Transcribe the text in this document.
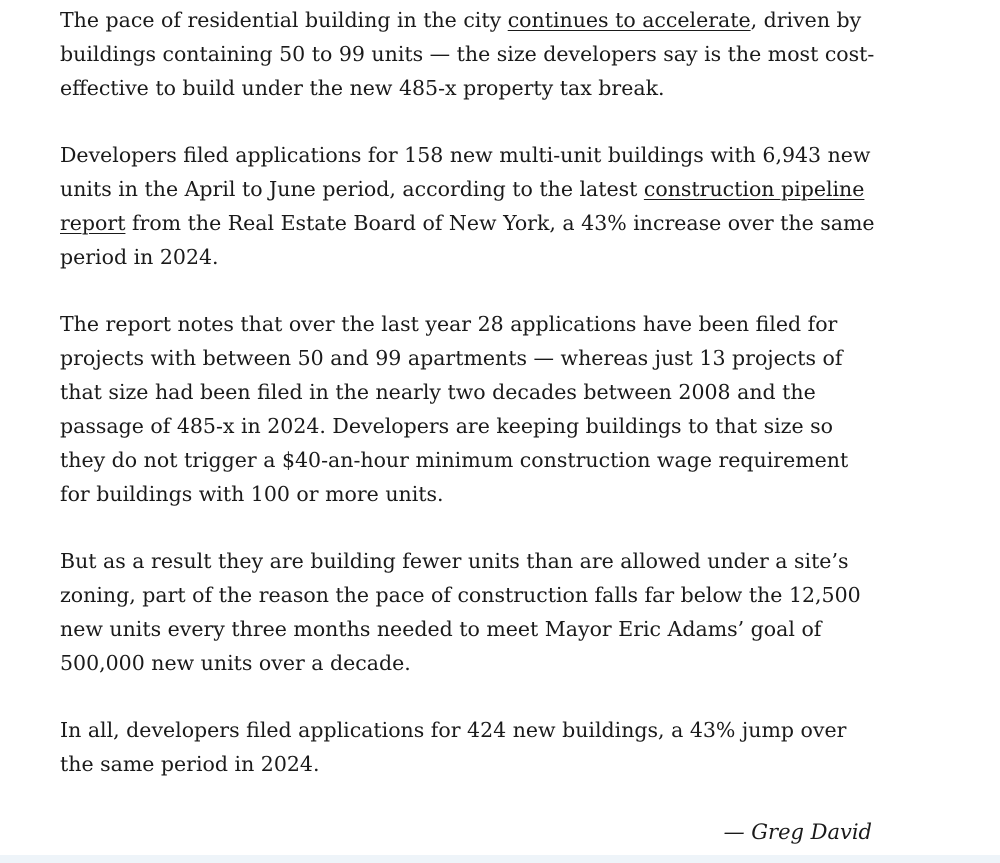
The pace of residential building in the city continues to accelerate, driven by buildings containing 50 to 99 units — the size developers say is the most cost-effective to build under the new 485-x property tax break.

Developers filed applications for 158 new multi-unit buildings with 6,943 new units in the April to June period, according to the latest construction pipeline report from the Real Estate Board of New York, a 43% increase over the same period in 2024.

The report notes that over the last year 28 applications have been filed for projects with between 50 and 99 apartments — whereas just 13 projects of that size had been filed in the nearly two decades between 2008 and the passage of 485-x in 2024. Developers are keeping buildings to that size so they do not trigger a $40-an-hour minimum construction wage requirement for buildings with 100 or more units.

But as a result they are building fewer units than are allowed under a site’s zoning, part of the reason the pace of construction falls far below the 12,500 new units every three months needed to meet Mayor Eric Adams’ goal of 500,000 new units over a decade.

In all, developers filed applications for 424 new buildings, a 43% jump over the same period in 2024.

— Greg David
